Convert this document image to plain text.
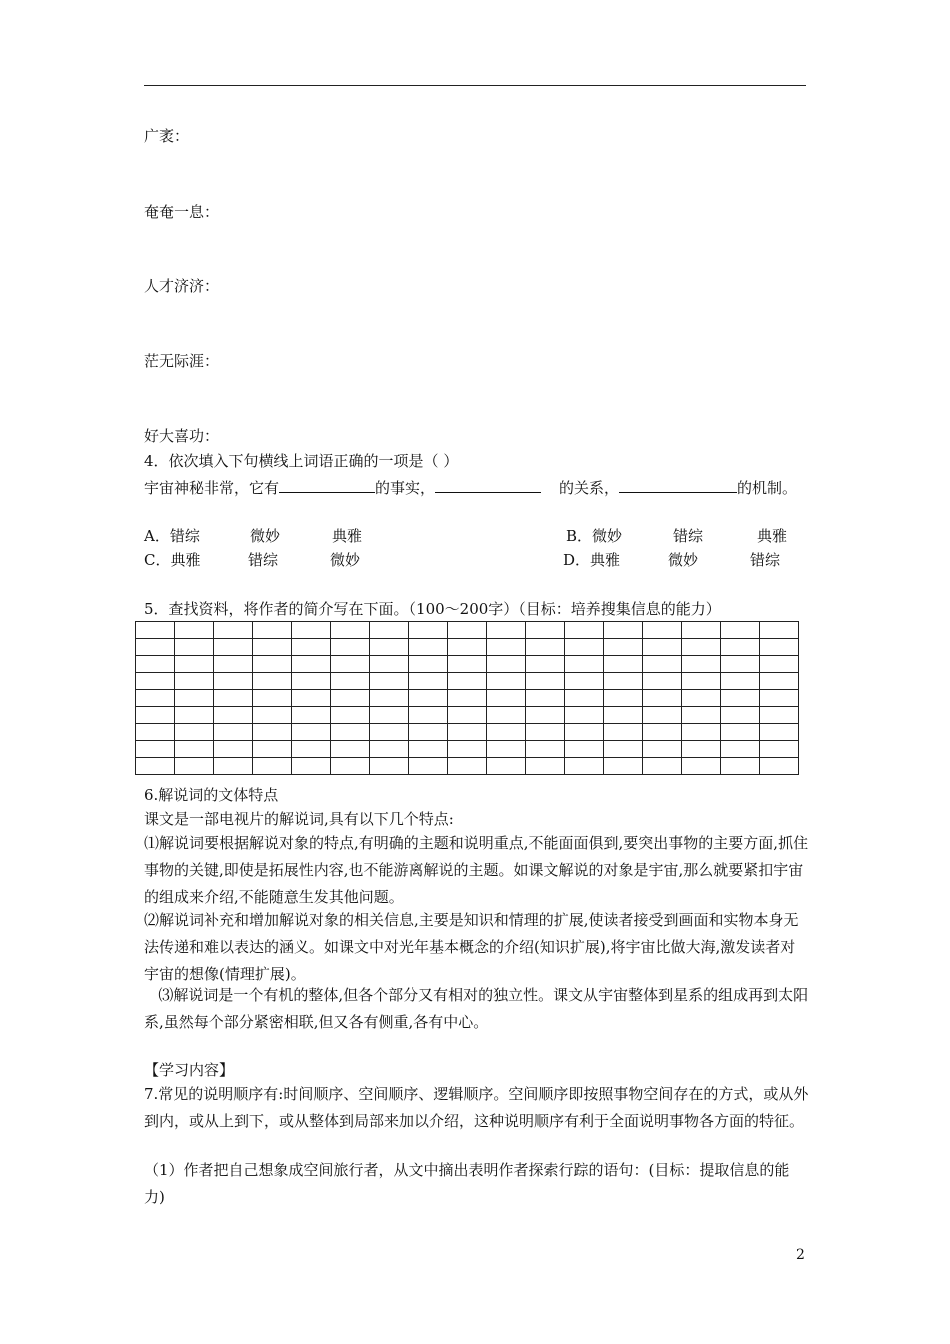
广袤：
奄奄一息：
人才济济：
茫无际涯：
好大喜功：
4．依次填入下句横线上词语正确的一项是（ ）
宇宙神秘非常，它有	的事实，	的关系，	的机制。
A．错综	微妙	典雅	B．微妙	错综	典雅
C．典雅	错综	微妙	D．典雅	微妙	错综
5．查找资料，将作者的简介写在下面。（100～200字）（目标：培养搜集信息的能力）

6.解说词的文体特点
课文是一部电视片的解说词,具有以下几个特点:
⑴解说词要根据解说对象的特点,有明确的主题和说明重点,不能面面俱到,要突出事物的主要方面,抓住事物的关键,即使是拓展性内容,也不能游离解说的主题。如课文解说的对象是宇宙,那么就要紧扣宇宙的组成来介绍,不能随意生发其他问题。
⑵解说词补充和增加解说对象的相关信息,主要是知识和情理的扩展,使读者接受到画面和实物本身无法传递和难以表达的涵义。如课文中对光年基本概念的介绍(知识扩展),将宇宙比做大海,激发读者对宇宙的想像(情理扩展)。
⑶解说词是一个有机的整体,但各个部分又有相对的独立性。课文从宇宙整体到星系的组成再到太阳系,虽然每个部分紧密相联,但又各有侧重,各有中心。
【学习内容】
7.常见的说明顺序有:时间顺序、空间顺序、逻辑顺序。空间顺序即按照事物空间存在的方式，或从外到内，或从上到下，或从整体到局部来加以介绍，这种说明顺序有利于全面说明事物各方面的特征。
（1）作者把自己想象成空间旅行者，从文中摘出表明作者探索行踪的语句：(目标：提取信息的能力)
2
